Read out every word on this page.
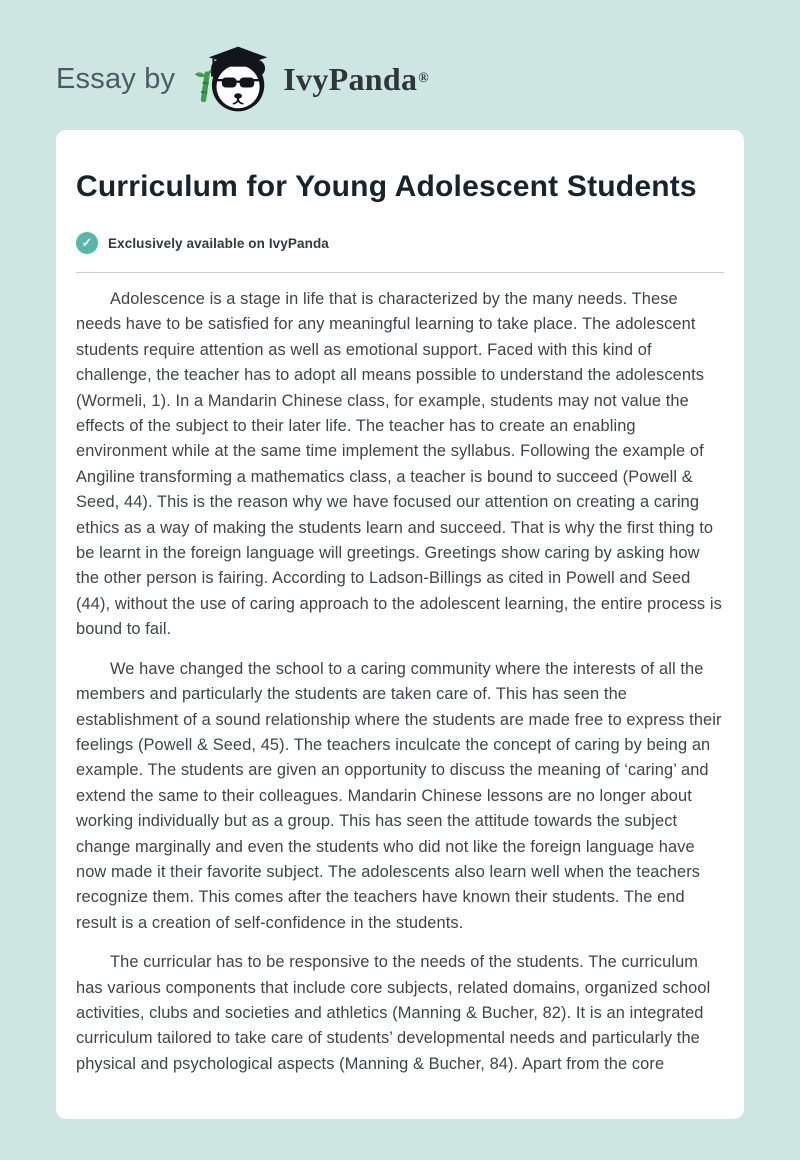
Essay by	IvyPanda ®
Curriculum for Young Adolescent Students
✓	Exclusively available on IvyPanda

Adolescence is a stage in life that is characterized by the many needs. These needs have to be satisfied for any meaningful learning to take place. The adolescent students require attention as well as emotional support. Faced with this kind of challenge, the teacher has to adopt all means possible to understand the adolescents (Wormeli, 1). In a Mandarin Chinese class, for example, students may not value the effects of the subject to their later life. The teacher has to create an enabling environment while at the same time implement the syllabus. Following the example of Angiline transforming a mathematics class, a teacher is bound to succeed (Powell & Seed, 44). This is the reason why we have focused our attention on creating a caring ethics as a way of making the students learn and succeed. That is why the first thing to be learnt in the foreign language will greetings. Greetings show caring by asking how the other person is fairing. According to Ladson-Billings as cited in Powell and Seed (44), without the use of caring approach to the adolescent learning, the entire process is bound to fail.

We have changed the school to a caring community where the interests of all the members and particularly the students are taken care of. This has seen the establishment of a sound relationship where the students are made free to express their feelings (Powell & Seed, 45). The teachers inculcate the concept of caring by being an example. The students are given an opportunity to discuss the meaning of ‘caring’ and extend the same to their colleagues. Mandarin Chinese lessons are no longer about working individually but as a group. This has seen the attitude towards the subject change marginally and even the students who did not like the foreign language have now made it their favorite subject. The adolescents also learn well when the teachers recognize them. This comes after the teachers have known their students. The end result is a creation of self-confidence in the students.

The curricular has to be responsive to the needs of the students. The curriculum has various components that include core subjects, related domains, organized school activities, clubs and societies and athletics (Manning & Bucher, 82). It is an integrated curriculum tailored to take care of students’ developmental needs and particularly the physical and psychological aspects (Manning & Bucher, 84). Apart from the core
